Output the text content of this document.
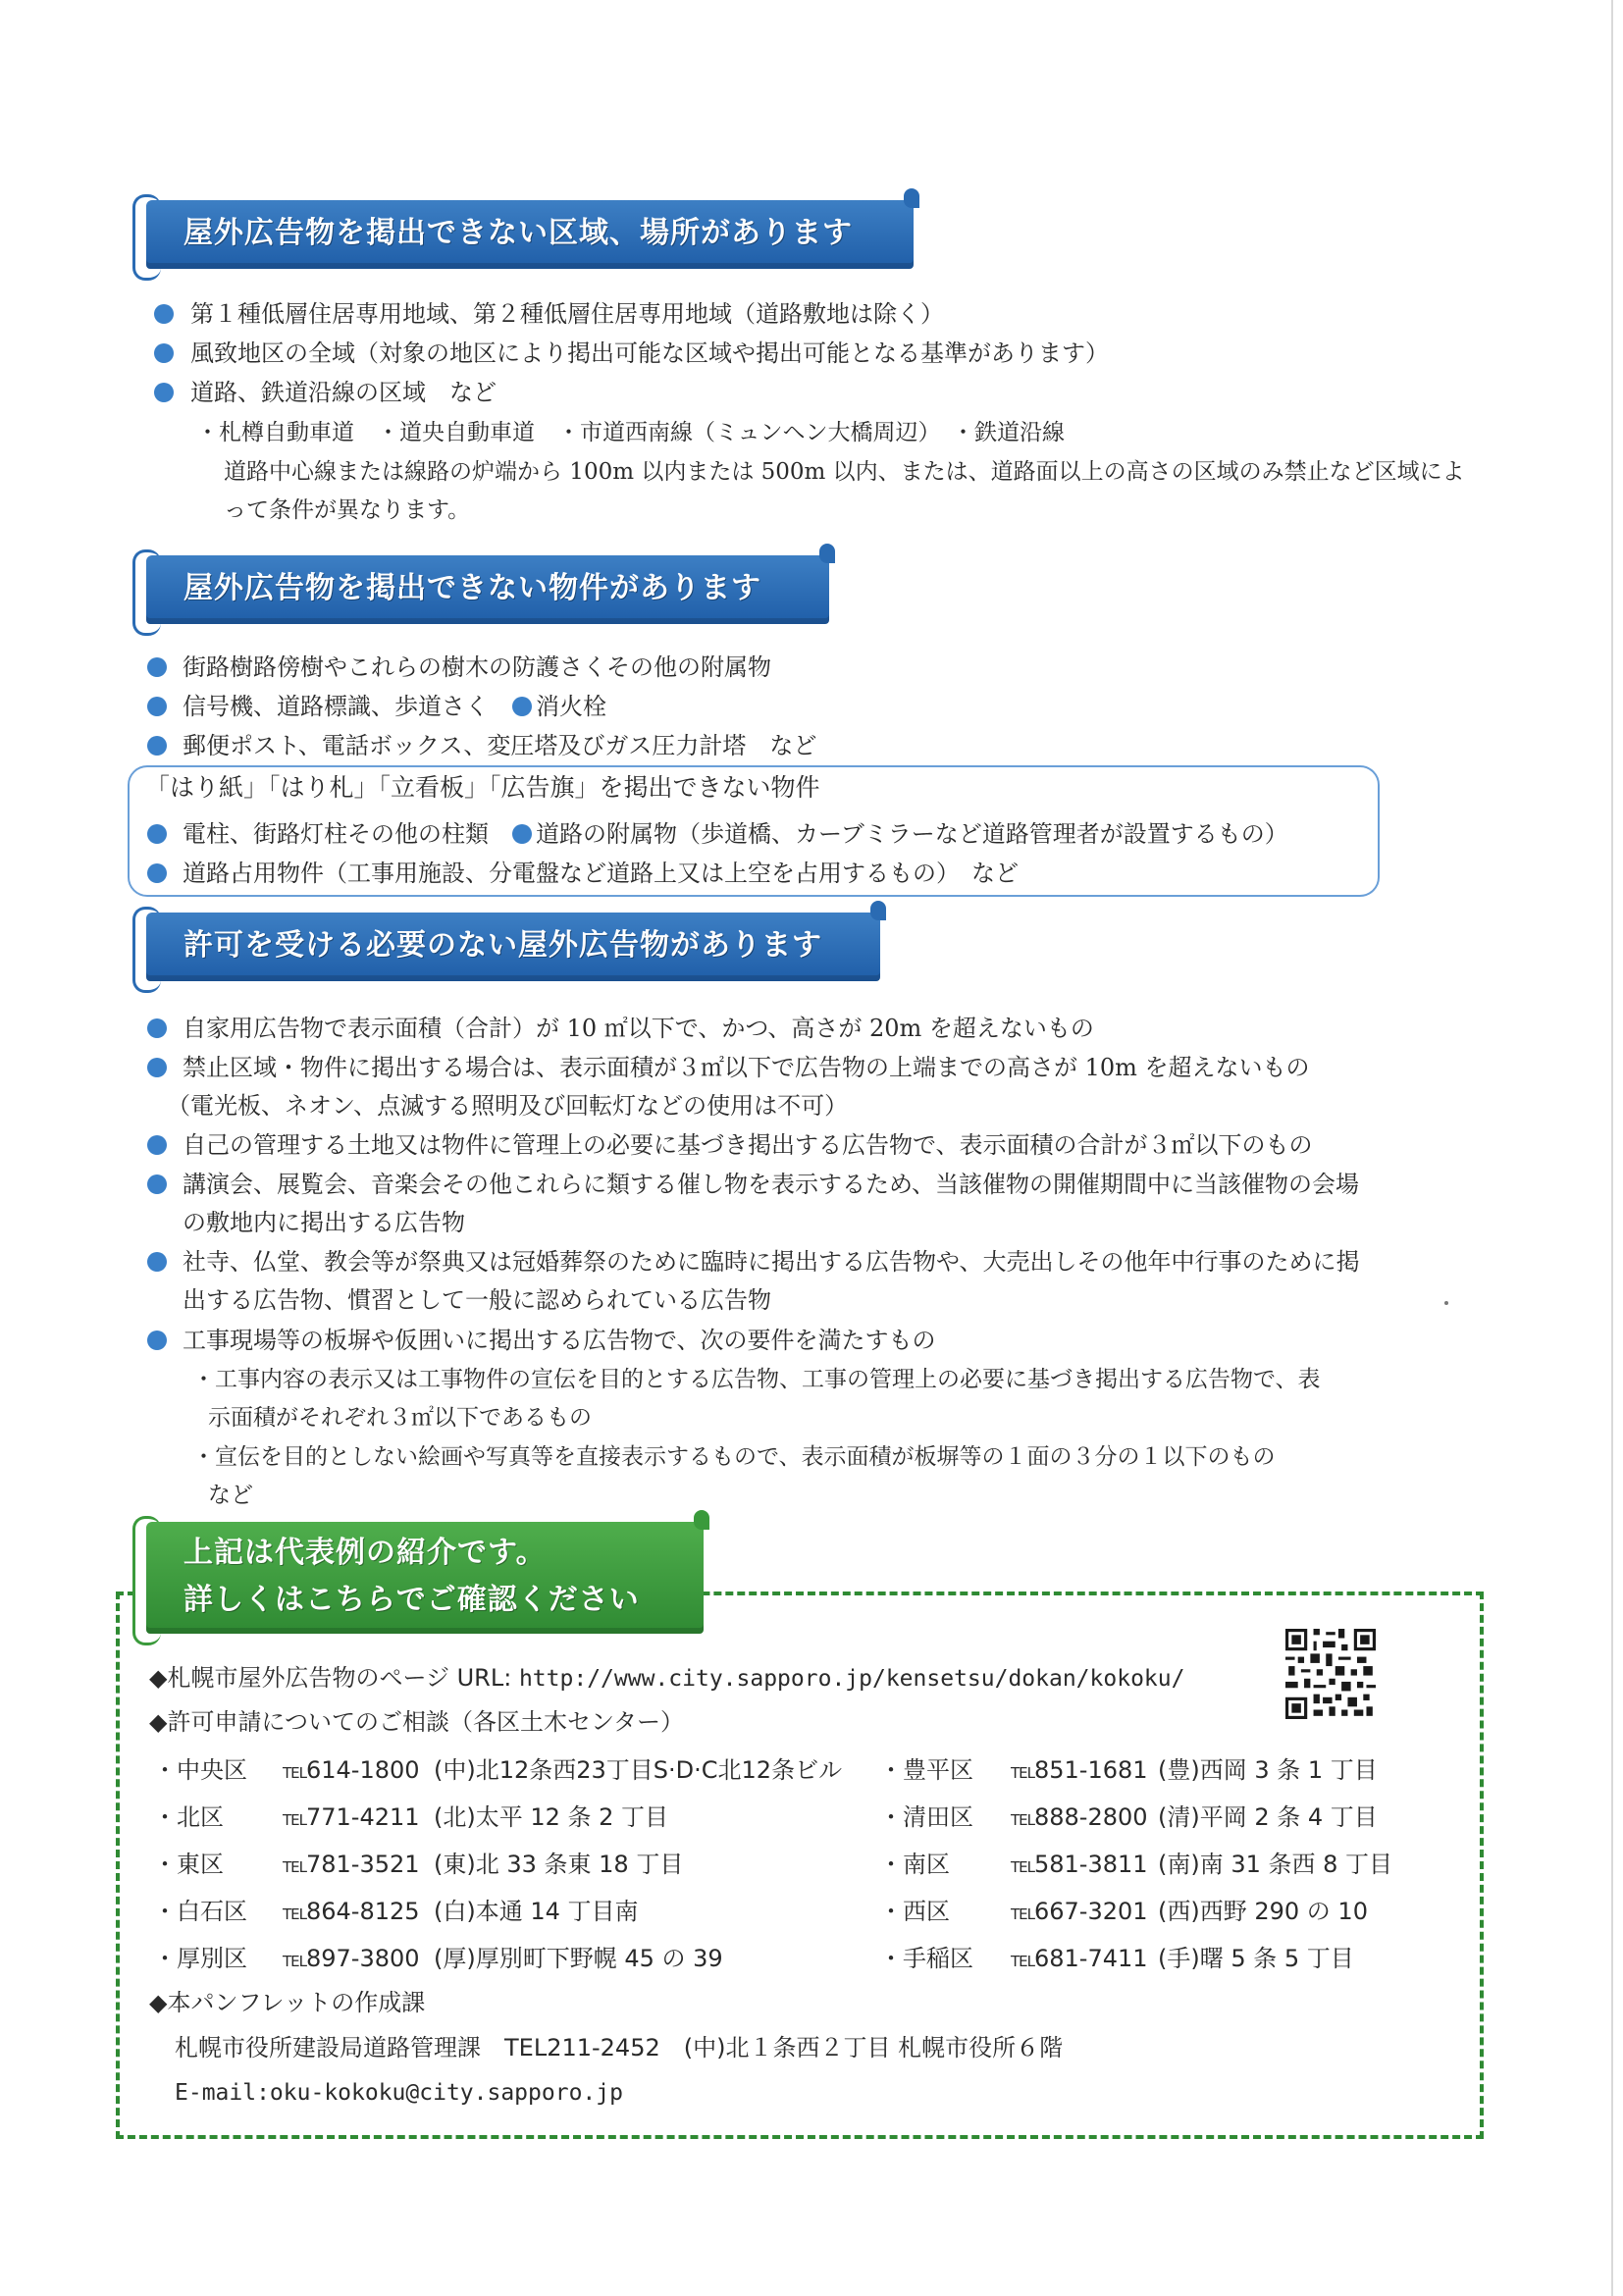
屋外広告物を掲出できない区域、場所があります
第１種低層住居専用地域、第２種低層住居専用地域（道路敷地は除く）
風致地区の全域（対象の地区により掲出可能な区域や掲出可能となる基準があります）
道路、鉄道沿線の区域　など
・札樽自動車道　・道央自動車道　・市道西南線（ミュンヘン大橋周辺）　・鉄道沿線
道路中心線または線路の炉端から 100m 以内または 500m 以内、または、道路面以上の高さの区域のみ禁止など区域によ
って条件が異なります。
屋外広告物を掲出できない物件があります
街路樹路傍樹やこれらの樹木の防護さくその他の附属物
信号機、道路標識、歩道さく　 消火栓
郵便ポスト、電話ボックス、変圧塔及びガス圧力計塔　など
「はり紙」「はり札」「立看板」「広告旗」を掲出できない物件
電柱、街路灯柱その他の柱類　 道路の附属物（歩道橋、カーブミラーなど道路管理者が設置するもの）
道路占用物件（工事用施設、分電盤など道路上又は上空を占用するもの）　など
許可を受ける必要のない屋外広告物があります
自家用広告物で表示面積（合計）が 10 ㎡以下で、かつ、高さが 20m を超えないもの
禁止区域・物件に掲出する場合は、表示面積が３㎡以下で広告物の上端までの高さが 10m を超えないもの
（電光板、ネオン、点滅する照明及び回転灯などの使用は不可）
自己の管理する土地又は物件に管理上の必要に基づき掲出する広告物で、表示面積の合計が３㎡以下のもの
講演会、展覧会、音楽会その他これらに類する催し物を表示するため、当該催物の開催期間中に当該催物の会場
の敷地内に掲出する広告物
社寺、仏堂、教会等が祭典又は冠婚葬祭のために臨時に掲出する広告物や、大売出しその他年中行事のために掲
出する広告物、慣習として一般に認められている広告物
工事現場等の板塀や仮囲いに掲出する広告物で、次の要件を満たすもの
・工事内容の表示又は工事物件の宣伝を目的とする広告物、工事の管理上の必要に基づき掲出する広告物で、表
示面積がそれぞれ３㎡以下であるもの
・宣伝を目的としない絵画や写真等を直接表示するもので、表示面積が板塀等の１面の３分の１以下のもの
など
上記は代表例の紹介です。
詳しくはこちらでご確認ください
◆札幌市屋外広告物のページ URL: http://www.city.sapporo.jp/kensetsu/dokan/kokoku/
◆許可申請についてのご相談（各区土木センター）
・中央区 TEL614-1800 (中)北12条西23丁目S·D·C北12条ビル
・北区	TEL771-4211 (北)太平 12 条 2 丁目
・東区	TEL781-3521 (東)北 33 条東 18 丁目
・白石区 TEL864-8125 (白)本通 14 丁目南
・厚別区 TEL897-3800 (厚)厚別町下野幌 45 の 39
・豊平区	TEL851-1681 (豊)西岡 3 条 1 丁目
・清田区	TEL888-2800 (清)平岡 2 条 4 丁目
・南区	TEL581-3811 (南)南 31 条西 8 丁目
・西区	TEL667-3201 (西)西野 290 の 10
・手稲区	TEL681-7411 (手)曙 5 条 5 丁目
◆本パンフレットの作成課
札幌市役所建設局道路管理課　TEL211-2452　(中)北１条西２丁目 札幌市役所６階
E-mail:oku-kokoku@city.sapporo.jp
